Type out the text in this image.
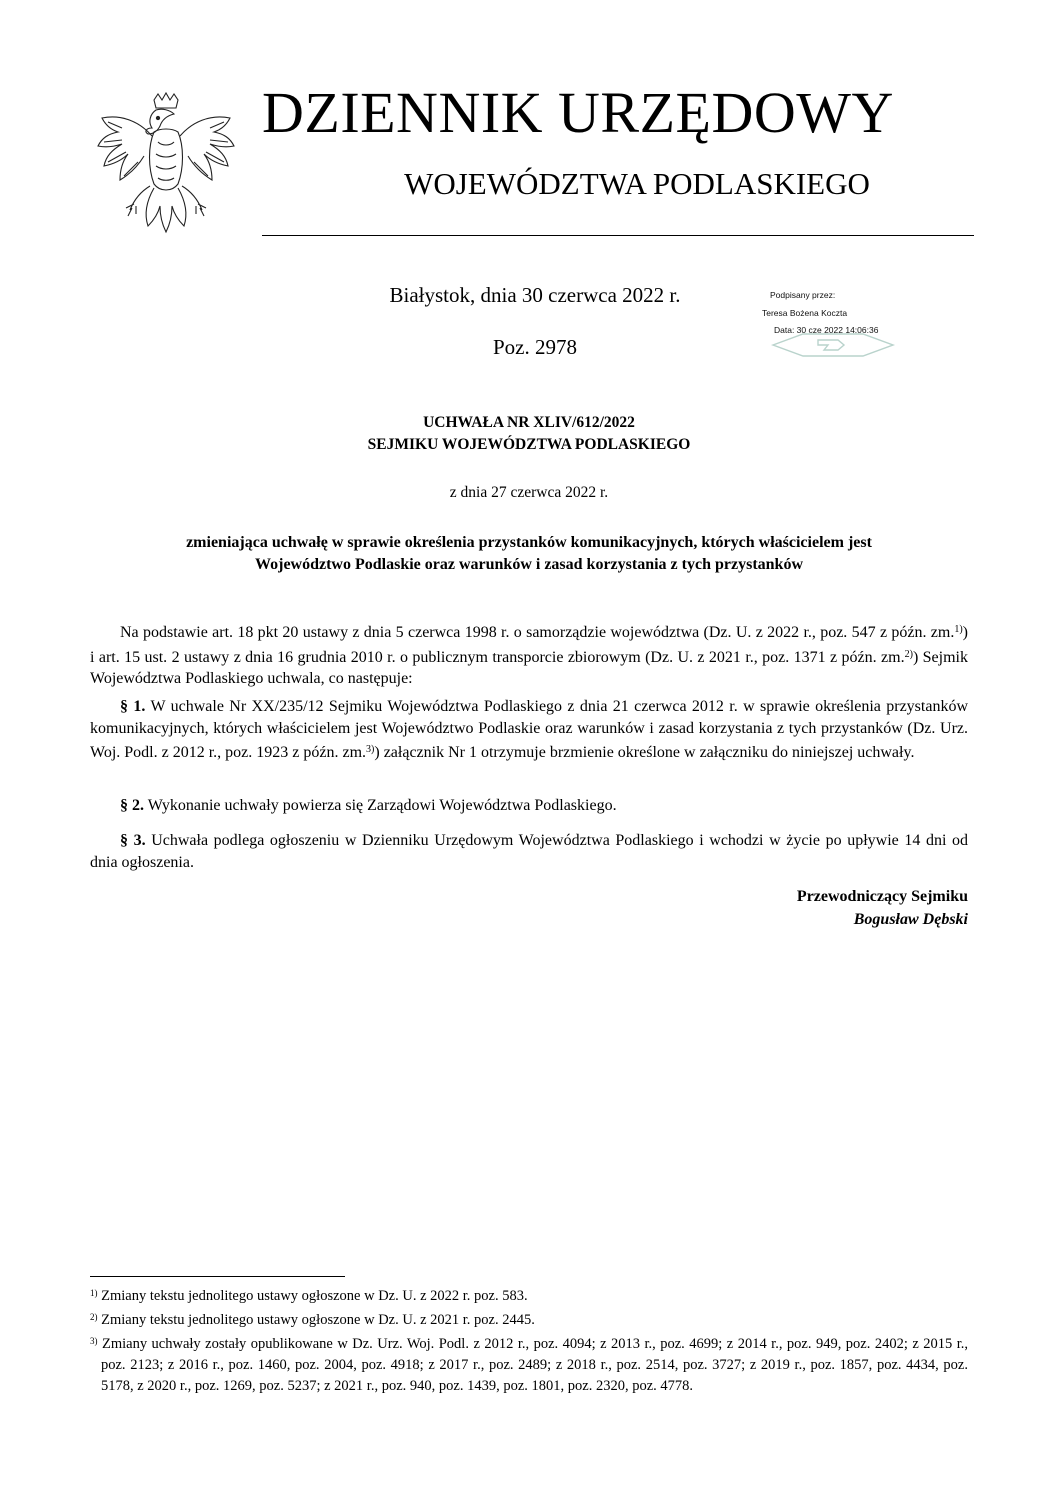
DZIENNIK URZĘDOWY
WOJEWÓDZTWA PODLASKIEGO
Białystok, dnia 30 czerwca 2022 r.
Poz. 2978
Podpisany przez:
Teresa Bożena Koczta
Data: 30 cze 2022 14:06:36
UCHWAŁA NR XLIV/612/2022
SEJMIKU WOJEWÓDZTWA PODLASKIEGO
z dnia 27 czerwca 2022 r.
zmieniająca uchwałę w sprawie określenia przystanków komunikacyjnych, których właścicielem jest
Województwo Podlaskie oraz warunków i zasad korzystania z tych przystanków
Na podstawie art. 18 pkt 20 ustawy z dnia 5 czerwca 1998 r. o samorządzie województwa (Dz. U. z 2022 r., poz. 547 z późn. zm.$^{1)}$) i art. 15 ust. 2 ustawy z dnia 16 grudnia 2010 r. o publicznym transporcie zbiorowym (Dz. U. z 2021 r., poz. 1371 z późn. zm.$^{2)}$) Sejmik Województwa Podlaskiego uchwala, co następuje:
§ 1. W uchwale Nr XX/235/12 Sejmiku Województwa Podlaskiego z dnia 21 czerwca 2012 r. w sprawie określenia przystanków komunikacyjnych, których właścicielem jest Województwo Podlaskie oraz warunków i zasad korzystania z tych przystanków (Dz. Urz. Woj. Podl. z 2012 r., poz. 1923 z późn. zm.$^{3)}$) załącznik Nr 1 otrzymuje brzmienie określone w załączniku do niniejszej uchwały.
§ 2. Wykonanie uchwały powierza się Zarządowi Województwa Podlaskiego.
§ 3. Uchwała podlega ogłoszeniu w Dzienniku Urzędowym Województwa Podlaskiego i wchodzi w życie po upływie 14 dni od dnia ogłoszenia.
Przewodniczący Sejmiku
Bogusław Dębski
$^{1)}$ Zmiany tekstu jednolitego ustawy ogłoszone w Dz. U. z 2022 r. poz. 583.
$^{2)}$ Zmiany tekstu jednolitego ustawy ogłoszone w Dz. U. z 2021 r. poz. 2445.
$^{3)}$ Zmiany uchwały zostały opublikowane w Dz. Urz. Woj. Podl. z 2012 r., poz. 4094; z 2013 r., poz. 4699; z 2014 r., poz. 949, poz. 2402; z 2015 r., poz. 2123; z 2016 r., poz. 1460, poz. 2004, poz. 4918; z 2017 r., poz. 2489; z 2018 r., poz. 2514, poz. 3727; z 2019 r., poz. 1857, poz. 4434, poz. 5178, z 2020 r., poz. 1269, poz. 5237; z 2021 r., poz. 940, poz. 1439, poz. 1801, poz. 2320, poz. 4778.
